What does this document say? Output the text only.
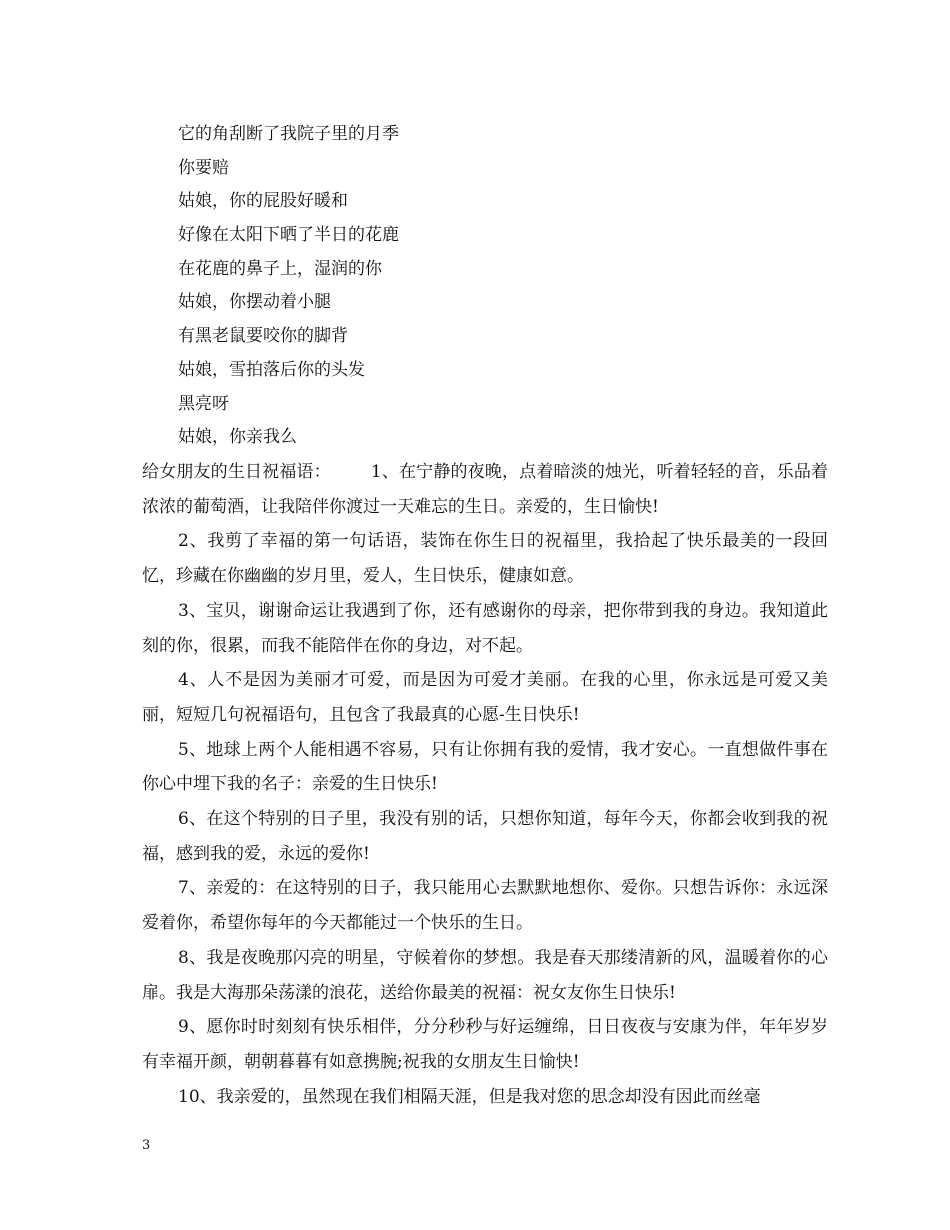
它的角刮断了我院子里的月季
你要赔
姑娘，你的屁股好暖和
好像在太阳下晒了半日的花鹿
在花鹿的鼻子上，湿润的你
姑娘，你摆动着小腿
有黑老鼠要咬你的脚背
姑娘，雪拍落后你的头发
黑亮呀
姑娘，你亲我么

给女朋友的生日祝福语： 1、在宁静的夜晚，点着暗淡的烛光，听着轻轻的音，乐品着浓浓的葡萄酒，让我陪伴你渡过一天难忘的生日。亲爱的，生日愉快!

2、我剪了幸福的第一句话语，装饰在你生日的祝福里，我拾起了快乐最美的一段回忆，珍藏在你幽幽的岁月里，爱人，生日快乐，健康如意。

3、宝贝，谢谢命运让我遇到了你，还有感谢你的母亲，把你带到我的身边。我知道此刻的你，很累，而我不能陪伴在你的身边，对不起。

4、人不是因为美丽才可爱，而是因为可爱才美丽。在我的心里，你永远是可爱又美丽，短短几句祝福语句，且包含了我最真的心愿-生日快乐!

5、地球上两个人能相遇不容易，只有让你拥有我的爱情，我才安心。一直想做件事在你心中埋下我的名子：亲爱的生日快乐!

6、在这个特别的日子里，我没有别的话，只想你知道，每年今天，你都会收到我的祝福，感到我的爱，永远的爱你!

7、亲爱的：在这特别的日子，我只能用心去默默地想你、爱你。只想告诉你：永远深爱着你，希望你每年的今天都能过一个快乐的生日。

8、我是夜晚那闪亮的明星，守候着你的梦想。我是春天那缕清新的风，温暖着你的心扉。我是大海那朵荡漾的浪花，送给你最美的祝福：祝女友你生日快乐!

9、愿你时时刻刻有快乐相伴，分分秒秒与好运缠绵，日日夜夜与安康为伴，年年岁岁有幸福开颜，朝朝暮暮有如意携腕;祝我的女朋友生日愉快!

10、我亲爱的，虽然现在我们相隔天涯，但是我对您的思念却没有因此而丝毫

3
